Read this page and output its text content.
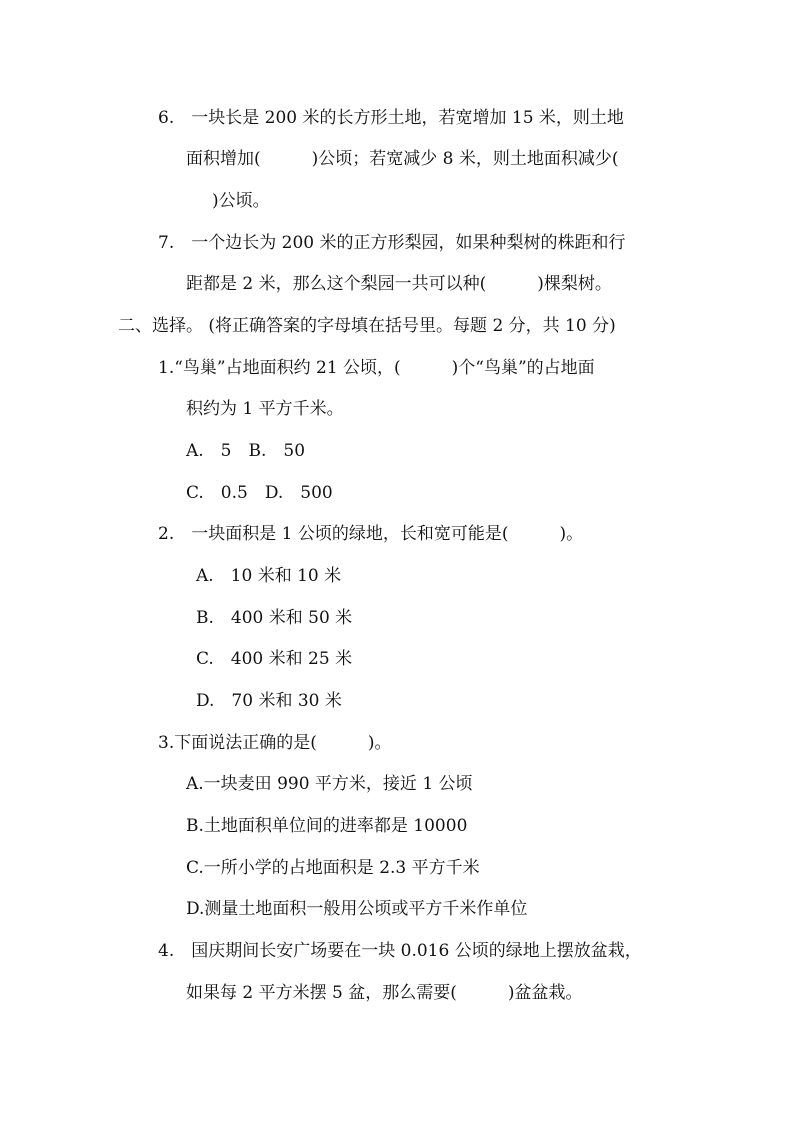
6.　一块长是 200 米的长方形土地，若宽增加 15 米，则土地
面积增加(　　　)公顷；若宽减少 8 米，则土地面积减少(
)公顷。
7.　一个边长为 200 米的正方形梨园，如果种梨树的株距和行
距都是 2 米，那么这个梨园一共可以种(　　　)棵梨树。
二、选择。 (将正确答案的字母填在括号里。每题 2 分，共 10 分)
1.“鸟巢”占地面积约 21 公顷，(　　　)个“鸟巢”的占地面
积约为 1 平方千米。
A.　5　B.　50
C.　0.5　D.　500
2.　一块面积是 1 公顷的绿地，长和宽可能是(　　　)。
A.　10 米和 10 米
B.　400 米和 50 米
C.　400 米和 25 米
D.　70 米和 30 米
3.下面说法正确的是(　　　)。
A.一块麦田 990 平方米，接近 1 公顷
B.土地面积单位间的进率都是 10000
C.一所小学的占地面积是 2.3 平方千米
D.测量土地面积一般用公顷或平方千米作单位
4.　国庆期间长安广场要在一块 0.016 公顷的绿地上摆放盆栽，
如果每 2 平方米摆 5 盆，那么需要(　　　)盆盆栽。
